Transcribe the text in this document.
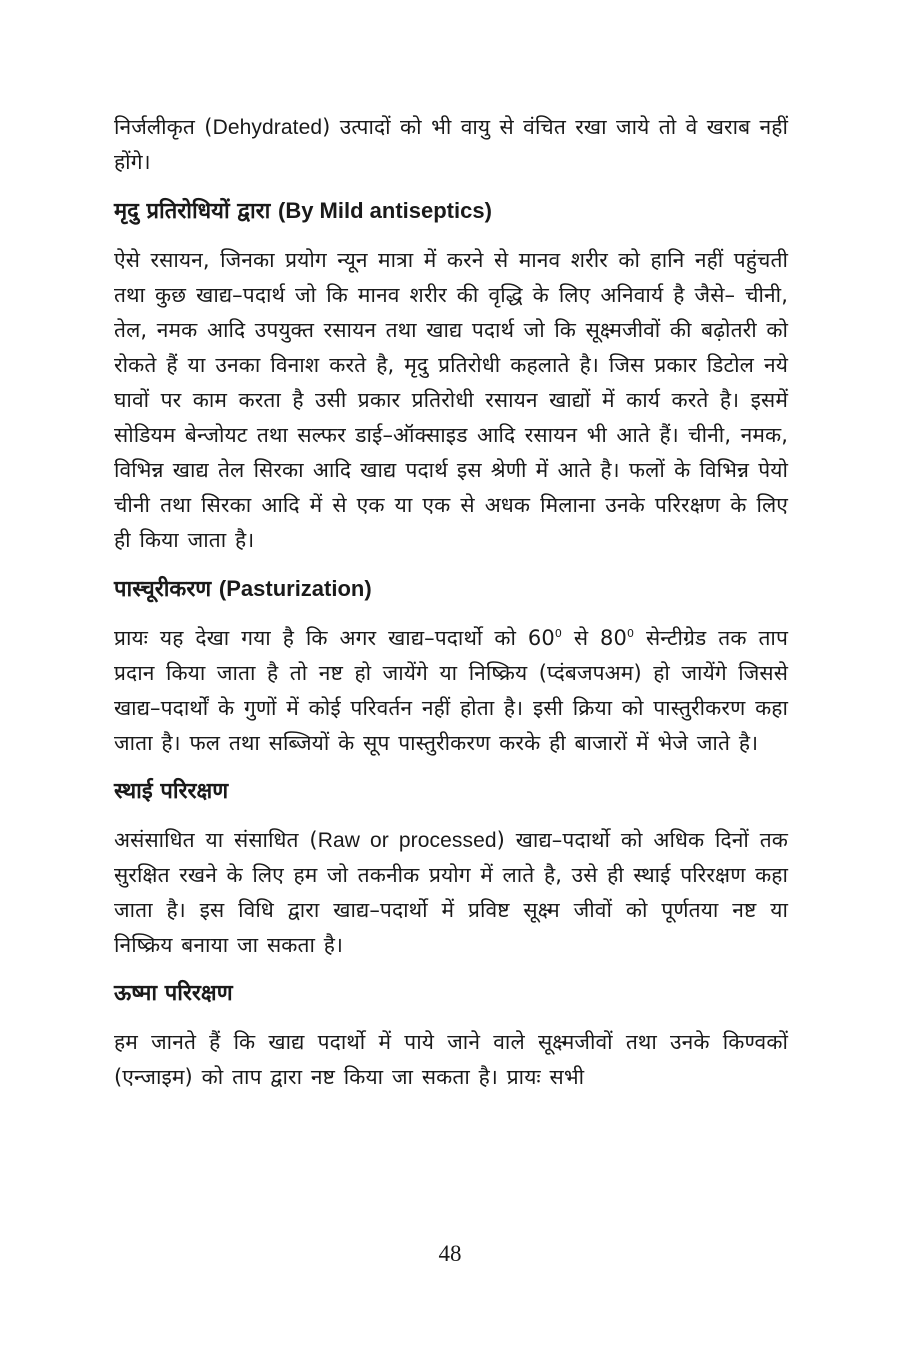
निर्जलीकृत (Dehydrated) उत्पादों को भी वायु से वंचित रखा जाये तो वे खराब नहीं होंगे।

मृदु प्रतिरोधियों द्वारा (By Mild antiseptics)

ऐसे रसायन, जिनका प्रयोग न्यून मात्रा में करने से मानव शरीर को हानि नहीं पहुंचती तथा कुछ खाद्य–पदार्थ जो कि मानव शरीर की वृद्धि के लिए अनिवार्य है जैसे– चीनी, तेल, नमक आदि उपयुक्त रसायन तथा खाद्य पदार्थ जो कि सूक्ष्मजीवों की बढ़ोतरी को रोकते हैं या उनका विनाश करते है, मृदु प्रतिरोधी कहलाते है। जिस प्रकार डिटोल नये घावों पर काम करता है उसी प्रकार प्रतिरोधी रसायन खाद्यों में कार्य करते है। इसमें सोडियम बेन्जोयट तथा सल्फर डाई–ऑक्साइड आदि रसायन भी आते हैं। चीनी, नमक, विभिन्न खाद्य तेल सिरका आदि खाद्य पदार्थ इस श्रेणी में आते है। फलों के विभिन्न पेयो चीनी तथा सिरका आदि में से एक या एक से अधक मिलाना उनके परिरक्षण के लिए ही किया जाता है।

पास्चूरीकरण (Pasturization)

प्रायः यह देखा गया है कि अगर खाद्य–पदार्थो को $60^0$ से $80^0$ सेन्टीग्रेड तक ताप प्रदान किया जाता है तो नष्ट हो जायेंगे या निष्क्रिय (प्दंबजपअम) हो जायेंगे जिससे खाद्य–पदार्थों के गुणों में कोई परिवर्तन नहीं होता है। इसी क्रिया को पास्तुरीकरण कहा जाता है। फल तथा सब्जियों के सूप पास्तुरीकरण करके ही बाजारों में भेजे जाते है।

स्थाई परिरक्षण

असंसाधित या संसाधित (Raw or processed) खाद्य–पदार्थो को अधिक दिनों तक सुरक्षित रखने के लिए हम जो तकनीक प्रयोग में लाते है, उसे ही स्थाई परिरक्षण कहा जाता है। इस विधि द्वारा खाद्य–पदार्थो में प्रविष्ट सूक्ष्म जीवों को पूर्णतया नष्ट या निष्क्रिय बनाया जा सकता है।

ऊष्मा परिरक्षण

हम जानते हैं कि खाद्य पदार्थो में पाये जाने वाले सूक्ष्मजीवों तथा उनके किण्वकों (एन्जाइम) को ताप द्वारा नष्ट किया जा सकता है। प्रायः सभी

48
